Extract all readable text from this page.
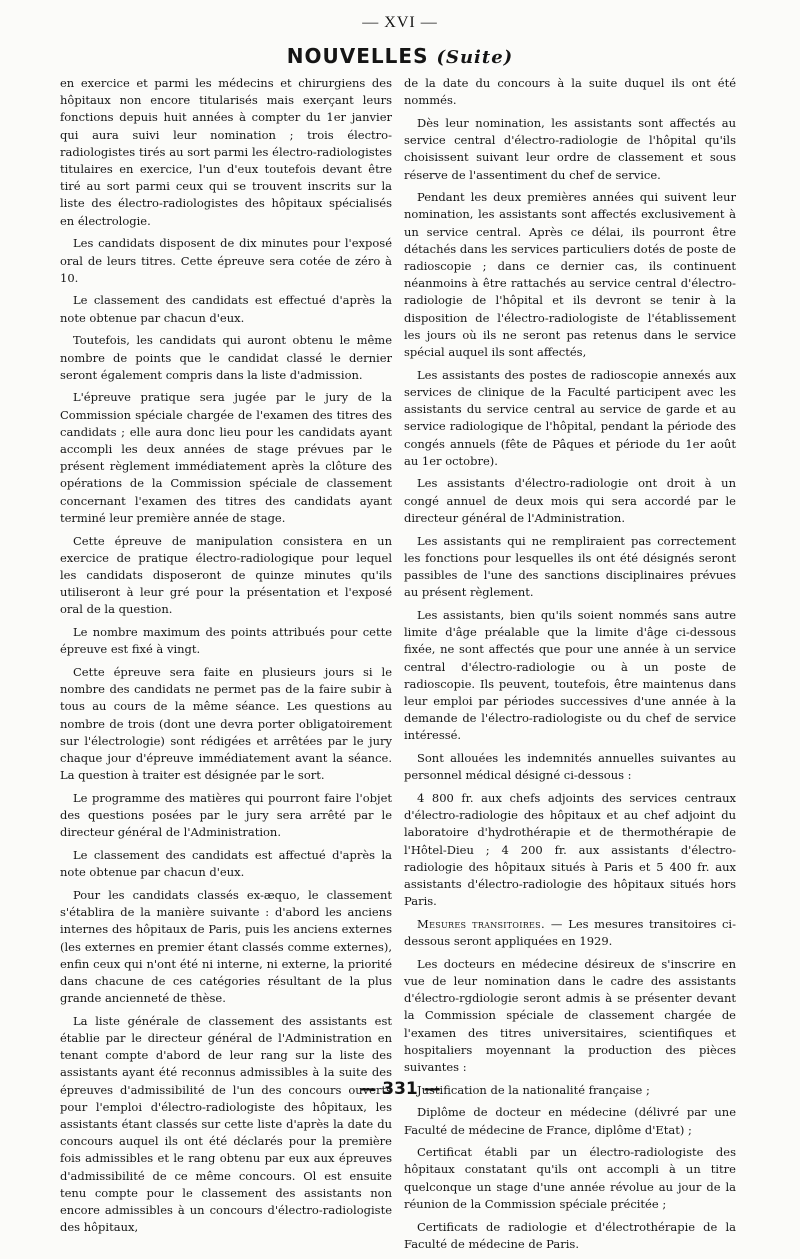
— XVI —
NOUVELLES (Suite)

en exercice et parmi les médecins et chirurgiens des hôpitaux non encore titularisés mais exerçant leurs fonctions depuis huit années à compter du 1er janvier qui aura suivi leur nomination ; trois électro-radiologistes tirés au sort parmi les électro-radiologistes titulaires en exercice, l'un d'eux toutefois devant être tiré au sort parmi ceux qui se trouvent inscrits sur la liste des électro-radiologistes des hôpitaux spécialisés en électrologie.

Les candidats disposent de dix minutes pour l'exposé oral de leurs titres. Cette épreuve sera cotée de zéro à 10.

Le classement des candidats est effectué d'après la note obtenue par chacun d'eux.

Toutefois, les candidats qui auront obtenu le même nombre de points que le candidat classé le dernier seront également compris dans la liste d'admission.

L'épreuve pratique sera jugée par le jury de la Commission spéciale chargée de l'examen des titres des candidats ; elle aura donc lieu pour les candidats ayant accompli les deux années de stage prévues par le présent règlement immédiatement après la clôture des opérations de la Commission spéciale de classement concernant l'examen des titres des candidats ayant terminé leur première année de stage.

Cette épreuve de manipulation consistera en un exercice de pratique électro-radiologique pour lequel les candidats disposeront de quinze minutes qu'ils utiliseront à leur gré pour la présentation et l'exposé oral de la question.

Le nombre maximum des points attribués pour cette épreuve est fixé à vingt.

Cette épreuve sera faite en plusieurs jours si le nombre des candidats ne permet pas de la faire subir à tous au cours de la même séance. Les questions au nombre de trois (dont une devra porter obligatoirement sur l'électrologie) sont rédigées et arrêtées par le jury chaque jour d'épreuve immédiatement avant la séance. La question à traiter est désignée par le sort.

Le programme des matières qui pourront faire l'objet des questions posées par le jury sera arrêté par le directeur général de l'Administration.

Le classement des candidats est affectué d'après la note obtenue par chacun d'eux.

Pour les candidats classés ex-æquo, le classement s'établira de la manière suivante : d'abord les anciens internes des hôpitaux de Paris, puis les anciens externes (les externes en premier étant classés comme externes), enfin ceux qui n'ont été ni interne, ni externe, la priorité dans chacune de ces catégories résultant de la plus grande ancienneté de thèse.

La liste générale de classement des assistants est établie par le directeur général de l'Administration en tenant compte d'abord de leur rang sur la liste des assistants ayant été reconnus admissibles à la suite des épreuves d'admissibilité de l'un des concours ouverts pour l'emploi d'électro-radiologiste des hôpitaux, les assistants étant classés sur cette liste d'après la date du concours auquel ils ont été déclarés pour la première fois admissibles et le rang obtenu par eux aux épreuves d'admissibilité de ce même concours. Ol est ensuite tenu compte pour le classement des assistants non encore admissibles à un concours d'électro-radiologiste des hôpitaux,

de la date du concours à la suite duquel ils ont été nommés.

Dès leur nomination, les assistants sont affectés au service central d'électro-radiologie de l'hôpital qu'ils choisissent suivant leur ordre de classement et sous réserve de l'assentiment du chef de service.

Pendant les deux premières années qui suivent leur nomination, les assistants sont affectés exclusivement à un service central. Après ce délai, ils pourront être détachés dans les services particuliers dotés de poste de radioscopie ; dans ce dernier cas, ils continuent néanmoins à être rattachés au service central d'électro-radiologie de l'hôpital et ils devront se tenir à la disposition de l'électro-radiologiste de l'établissement les jours où ils ne seront pas retenus dans le service spécial auquel ils sont affectés,

Les assistants des postes de radioscopie annexés aux services de clinique de la Faculté participent avec les assistants du service central au service de garde et au service radiologique de l'hôpital, pendant la période des congés annuels (fête de Pâques et période du 1er août au 1er octobre).

Les assistants d'électro-radiologie ont droit à un congé annuel de deux mois qui sera accordé par le directeur général de l'Administration.

Les assistants qui ne rempliraient pas correctement les fonctions pour lesquelles ils ont été désignés seront passibles de l'une des sanctions disciplinaires prévues au présent règlement.

Les assistants, bien qu'ils soient nommés sans autre limite d'âge préalable que la limite d'âge ci-dessous fixée, ne sont affectés que pour une année à un service central d'électro-radiologie ou à un poste de radioscopie. Ils peuvent, toutefois, être maintenus dans leur emploi par périodes successives d'une année à la demande de l'électro-radiologiste ou du chef de service intéressé.

Sont allouées les indemnités annuelles suivantes au personnel médical désigné ci-dessous :

4 800 fr. aux chefs adjoints des services centraux d'électro-radiologie des hôpitaux et au chef adjoint du laboratoire d'hydrothérapie et de thermothérapie de l'Hôtel-Dieu ; 4 200 fr. aux assistants d'électro-radiologie des hôpitaux situés à Paris et 5 400 fr. aux assistants d'électro-radiologie des hôpitaux situés hors Paris.

Mesures transitoires. — Les mesures transitoires ci-dessous seront appliquées en 1929.

Les docteurs en médecine désireux de s'inscrire en vue de leur nomination dans le cadre des assistants d'électro-rgdiologie seront admis à se présenter devant la Commission spéciale de classement chargée de l'examen des titres universitaires, scientifiques et hospitaliers moyennant la production des pièces suivantes :

Justification de la nationalité française ;

Diplôme de docteur en médecine (délivré par une Faculté de médecine de France, diplôme d'Etat) ;

Certificat établi par un électro-radiologiste des hôpitaux constatant qu'ils ont accompli à un titre quelconque un stage d'une année révolue au jour de la réunion de la Commission spéciale précitée ;

Certificats de radiologie et d'électrothérapie de la Faculté de médecine de Paris.

— 331 —
